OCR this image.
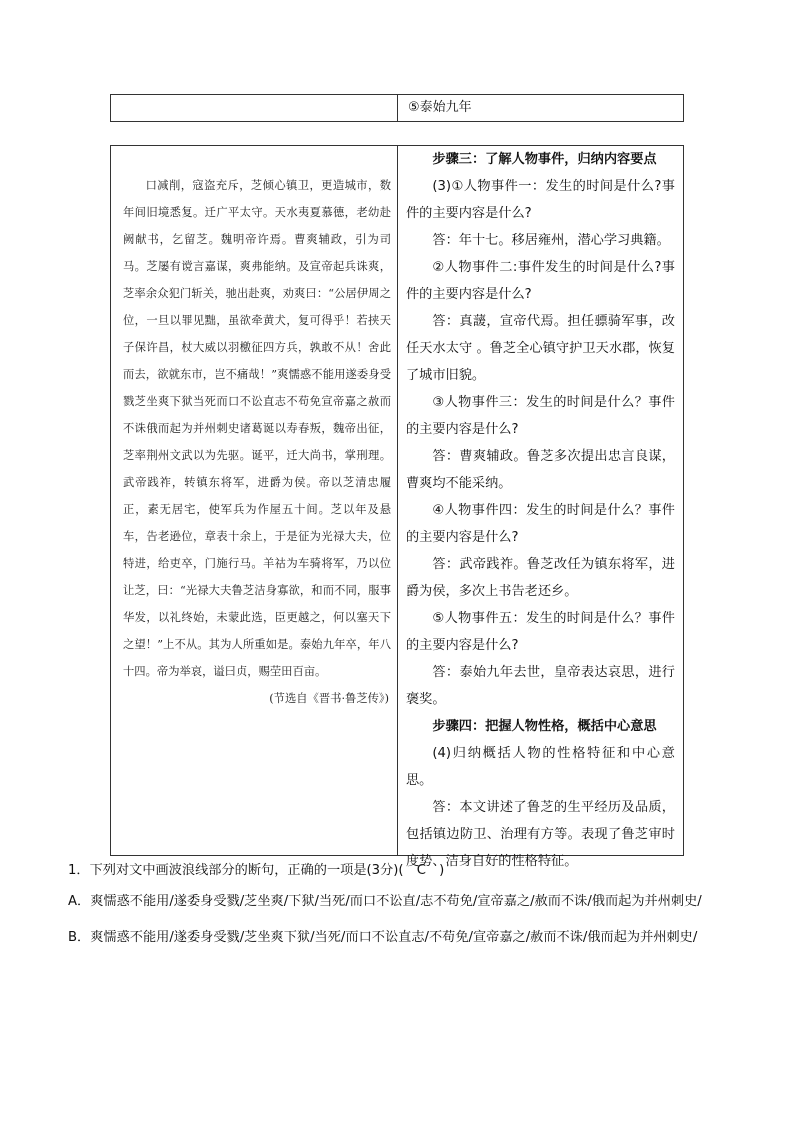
⑤泰始九年

口减削，寇盗充斥，芝倾心镇卫，更造城市，数年间旧境悉复。迁广平太守。天水夷夏慕德，老幼赴阙献书，乞留芝。魏明帝许焉。曹爽辅政，引为司马。芝屡有谠言嘉谋，爽弗能纳。及宣帝起兵诛爽，芝率余众犯门斩关，驰出赴爽，劝爽曰：“公居伊周之位，一旦以罪见黜，虽欲牵黄犬，复可得乎！若挟天子保许昌，杖大威以羽檄征四方兵，孰敢不从！舍此而去，欲就东市，岂不痛哉！”爽懦惑不能用遂委身受戮芝坐爽下狱当死而口不讼直志不苟免宣帝嘉之赦而不诛俄而起为并州刺史诸葛诞以寿春叛，魏帝出征，芝率荆州文武以为先驱。诞平，迁大尚书，掌刑理。武帝践祚，转镇东将军，进爵为侯。帝以芝清忠履正，素无居宅，使军兵为作屋五十间。芝以年及悬车，告老逊位，章表十余上，于是征为光禄大夫，位特进，给吏卒，门施行马。羊祜为车骑将军，乃以位让芝，曰：“光禄大夫鲁芝洁身寡欲，和而不同，服事华发，以礼终始，未蒙此选，臣更越之，何以塞天下之望！”上不从。其为人所重如是。泰始九年卒，年八十四。帝为举哀，谥曰贞，赐茔田百亩。

(节选自《晋书·鲁芝传》)

步骤三：了解人物事件，归纳内容要点

(3)①人物事件一：发生的时间是什么?事件的主要内容是什么?

答：年十七。移居雍州，潜心学习典籍。

②人物事件二:事件发生的时间是什么?事件的主要内容是什么?

答：真蘐，宣帝代焉。担任骠骑军事，改任天水太守 。鲁芝全心镇守护卫天水郡，恢复了城市旧貌。

③人物事件三：发生的时间是什么？事件的主要内容是什么?

答：曹爽辅政。鲁芝多次提出忠言良谋，曹爽均不能采纳。

④人物事件四：发生的时间是什么？事件的主要内容是什么?

答：武帝践祚。鲁芝改任为镇东将军，进爵为侯，多次上书告老还乡。

⑤人物事件五：发生的时间是什么？事件的主要内容是什么?

答：泰始九年去世，皇帝表达哀思，进行褒奖。

步骤四：把握人物性格，概括中心意思

(4)归纳概括人物的性格特征和中心意思。

答：本文讲述了鲁芝的生平经历及品质，包括镇边防卫、治理有方等。表现了鲁芝审时度势、洁身自好的性格特征。

1．下列对文中画波浪线部分的断句，正确的一项是(3分)(　C　)

A．爽懦惑不能用/遂委身受戮/芝坐爽/下狱/当死/而口不讼直/志不苟免/宣帝嘉之/赦而不诛/俄而起为并州刺史/

B．爽懦惑不能用/遂委身受戮/芝坐爽下狱/当死/而口不讼直志/不苟免/宣帝嘉之/赦而不诛/俄而起为并州刺史/
